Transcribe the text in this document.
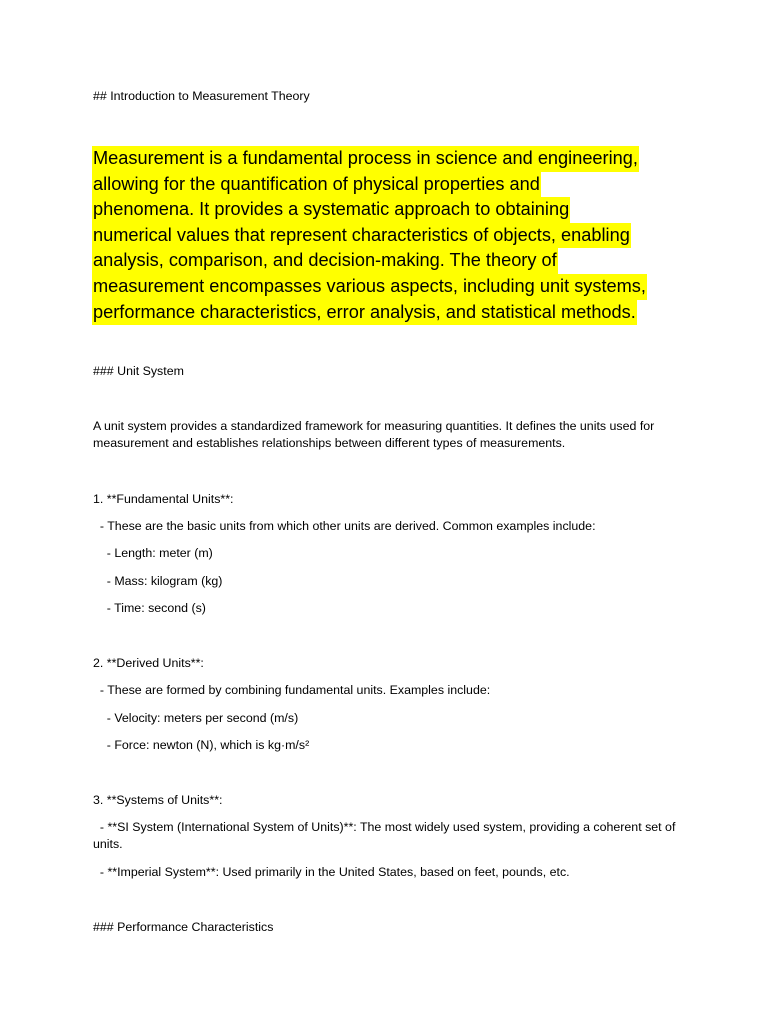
## Introduction to Measurement Theory

Measurement is a fundamental process in science and engineering,
allowing for the quantification of physical properties and
phenomena. It provides a systematic approach to obtaining
numerical values that represent characteristics of objects, enabling
analysis, comparison, and decision-making. The theory of
measurement encompasses various aspects, including unit systems,
performance characteristics, error analysis, and statistical methods.

### Unit System

A unit system provides a standardized framework for measuring quantities. It defines the units used for measurement and establishes relationships between different types of measurements.

1. **Fundamental Units**:

- These are the basic units from which other units are derived. Common examples include:

- Length: meter (m)

- Mass: kilogram (kg)

- Time: second (s)

2. **Derived Units**:

- These are formed by combining fundamental units. Examples include:

- Velocity: meters per second (m/s)

- Force: newton (N), which is kg·m/s²

3. **Systems of Units**:

- **SI System (International System of Units)**: The most widely used system, providing a coherent set of units.

- **Imperial System**: Used primarily in the United States, based on feet, pounds, etc.

### Performance Characteristics
